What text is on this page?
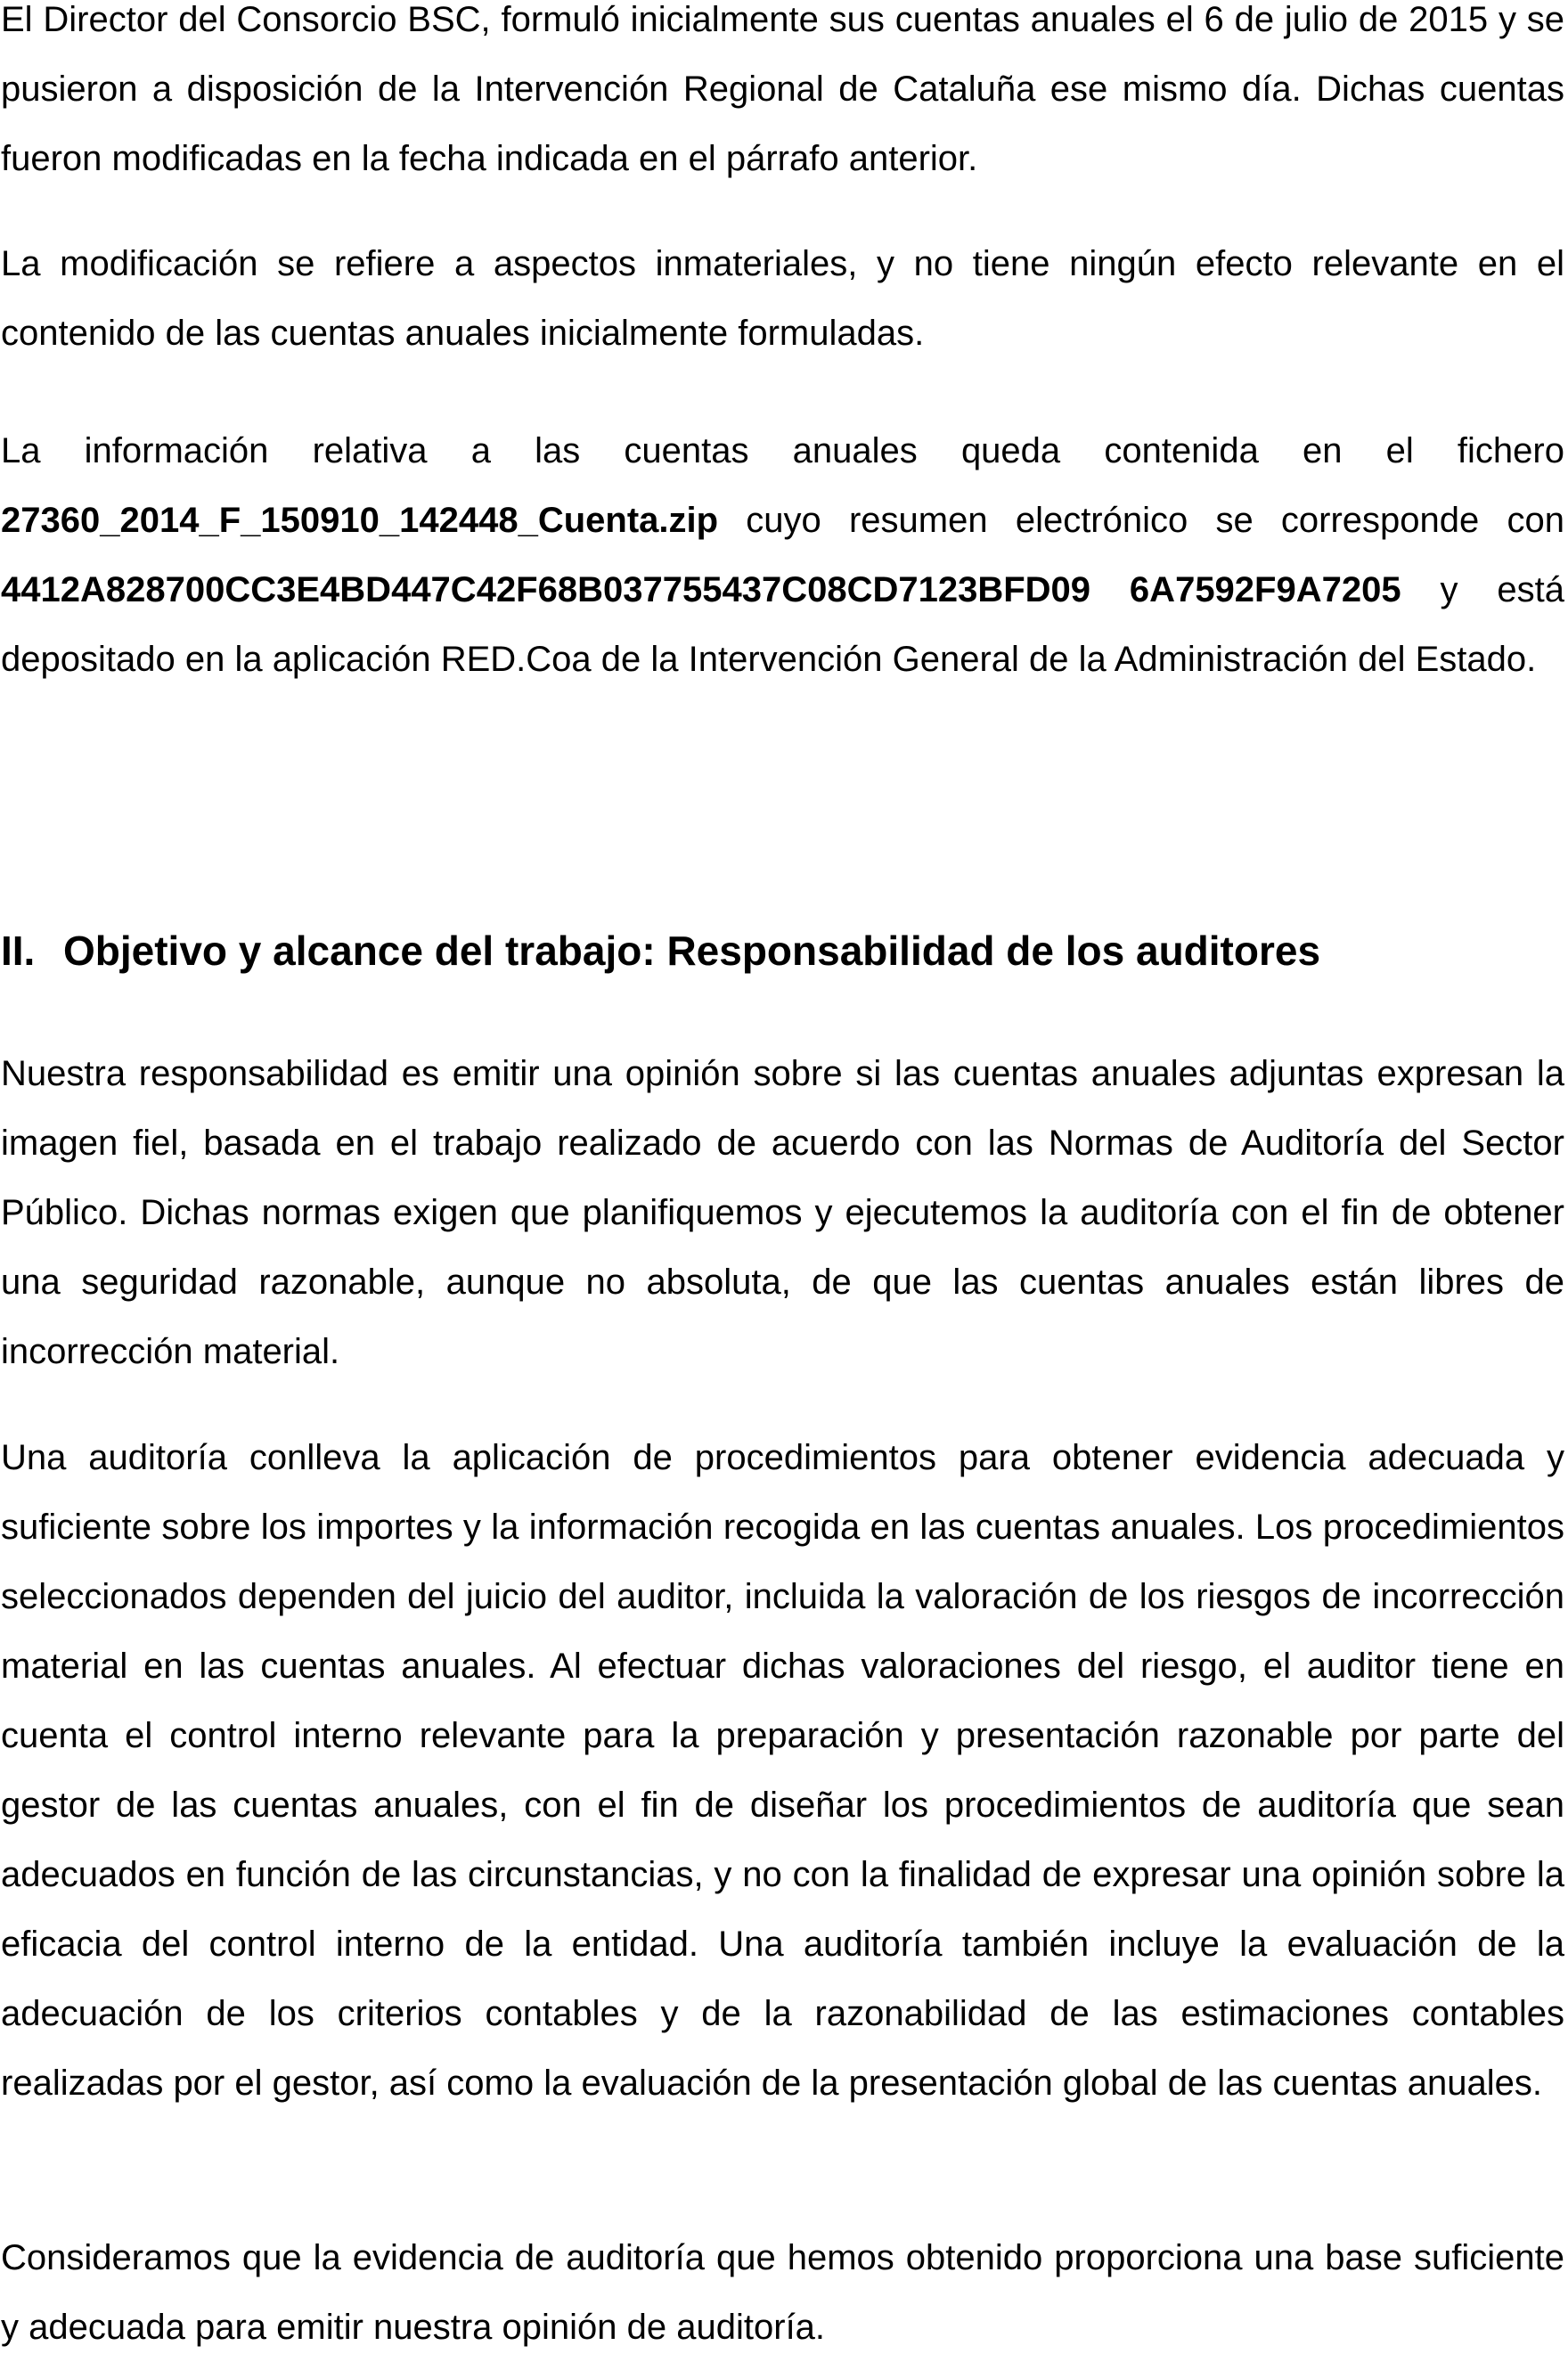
El Director del Consorcio BSC, formuló inicialmente sus cuentas anuales el 6 de julio de 2015 y se pusieron a disposición de la Intervención Regional de Cataluña ese mismo día. Dichas cuentas fueron modificadas en la fecha indicada en el párrafo anterior.

La modificación se refiere a aspectos inmateriales, y no tiene ningún efecto relevante en el contenido de las cuentas anuales inicialmente formuladas.

La información relativa a las cuentas anuales queda contenida en el fichero 27360_2014_F_150910_142448_Cuenta.zip cuyo resumen electrónico se corresponde con 4412A828700CC3E4BD447C42F68B037755437C08CD7123BFD09 6A7592F9A7205 y está depositado en la aplicación RED.Coa de la Intervención General de la Administración del Estado.

II. Objetivo y alcance del trabajo: Responsabilidad de los auditores

Nuestra responsabilidad es emitir una opinión sobre si las cuentas anuales adjuntas expresan la imagen fiel, basada en el trabajo realizado de acuerdo con las Normas de Auditoría del Sector Público. Dichas normas exigen que planifiquemos y ejecutemos la auditoría con el fin de obtener una seguridad razonable, aunque no absoluta, de que las cuentas anuales están libres de incorrección material.

Una auditoría conlleva la aplicación de procedimientos para obtener evidencia adecuada y suficiente sobre los importes y la información recogida en las cuentas anuales. Los procedimientos seleccionados dependen del juicio del auditor, incluida la valoración de los riesgos de incorrección material en las cuentas anuales. Al efectuar dichas valoraciones del riesgo, el auditor tiene en cuenta el control interno relevante para la preparación y presentación razonable por parte del gestor de las cuentas anuales, con el fin de diseñar los procedimientos de auditoría que sean adecuados en función de las circunstancias, y no con la finalidad de expresar una opinión sobre la eficacia del control interno de la entidad. Una auditoría también incluye la evaluación de la adecuación de los criterios contables y de la razonabilidad de las estimaciones contables realizadas por el gestor, así como la evaluación de la presentación global de las cuentas anuales.

Consideramos que la evidencia de auditoría que hemos obtenido proporciona una base suficiente y adecuada para emitir nuestra opinión de auditoría.
